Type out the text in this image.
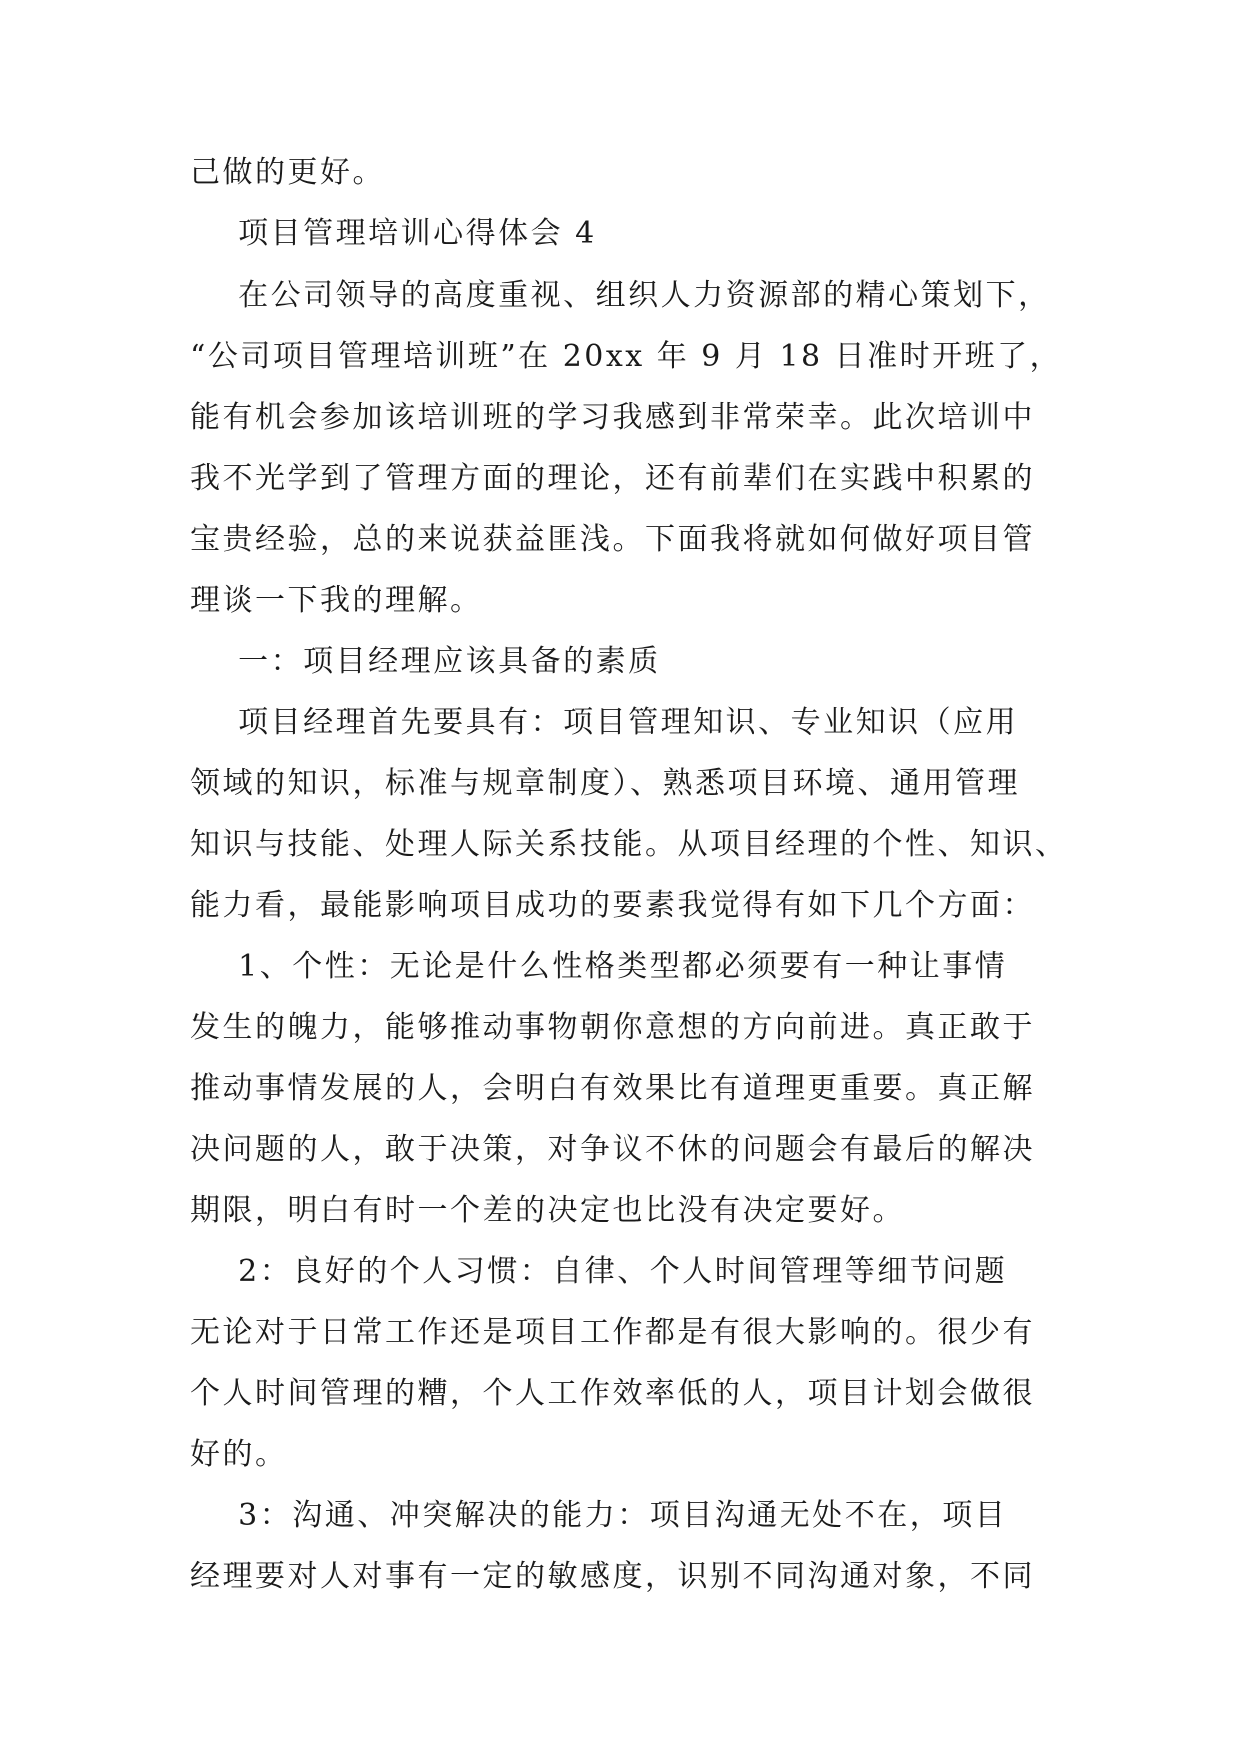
己做的更好。
项目管理培训心得体会 4
在公司领导的高度重视、组织人力资源部的精心策划下，
“公司项目管理培训班”在 20xx 年 9 月 18 日准时开班了，
能有机会参加该培训班的学习我感到非常荣幸。此次培训中
我不光学到了管理方面的理论，还有前辈们在实践中积累的
宝贵经验，总的来说获益匪浅。下面我将就如何做好项目管
理谈一下我的理解。
一：项目经理应该具备的素质
项目经理首先要具有：项目管理知识、专业知识（应用
领域的知识，标准与规章制度）、熟悉项目环境、通用管理
知识与技能、处理人际关系技能。从项目经理的个性、知识、
能力看，最能影响项目成功的要素我觉得有如下几个方面：
1、个性：无论是什么性格类型都必须要有一种让事情
发生的魄力，能够推动事物朝你意想的方向前进。真正敢于
推动事情发展的人，会明白有效果比有道理更重要。真正解
决问题的人，敢于决策，对争议不休的问题会有最后的解决
期限，明白有时一个差的决定也比没有决定要好。
2：良好的个人习惯：自律、个人时间管理等细节问题
无论对于日常工作还是项目工作都是有很大影响的。很少有
个人时间管理的糟，个人工作效率低的人，项目计划会做很
好的。
3：沟通、冲突解决的能力：项目沟通无处不在，项目
经理要对人对事有一定的敏感度，识别不同沟通对象，不同
